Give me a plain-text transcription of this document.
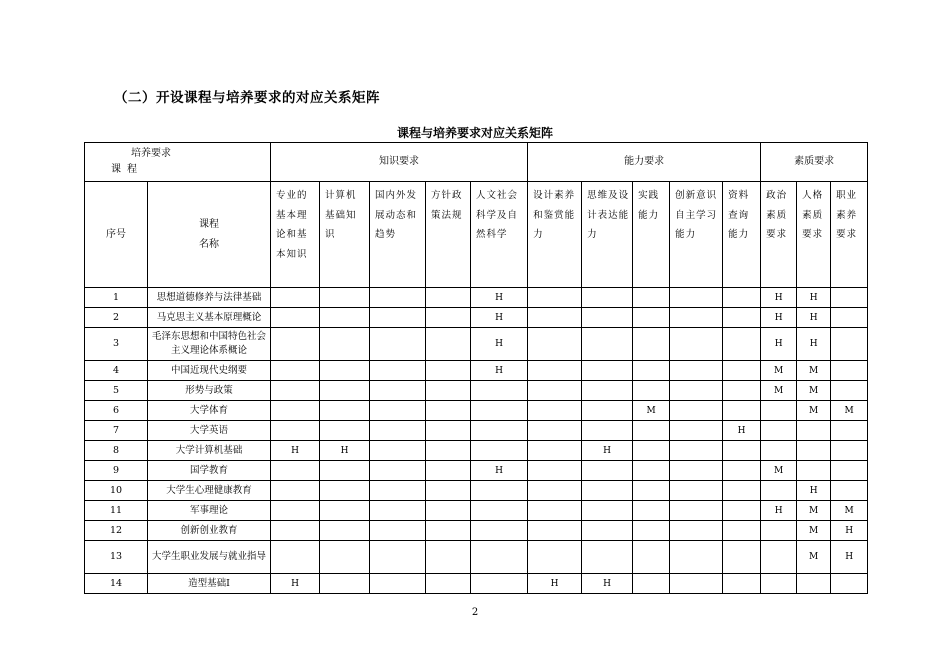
（二）开设课程与培养要求的对应关系矩阵
课程与培养要求对应关系矩阵
培养要求
课程		知识要求					能力要求					素质要求		
序号	课程名称	专业的基本理论和基本知识	计算机基础知识	国内外发展动态和趋势	方针政策法规	人文社会科学及自然科学	设计素养和鉴赏能力	思维及设计表达能力	实践能力	创新意识自主学习能力	资料查询能力	政治素质要求	人格素质要求	职业素养要求
1	思想道德修养与法律基础					H						H	H	
2	马克思主义基本原理概论					H						H	H	
3	毛泽东思想和中国特色社会主义理论体系概论					H						H	H	
4	中国近现代史纲要					H						M	M	
5	形势与政策											M	M	
6	大学体育								M				M	M
7	大学英语										H			
8	大学计算机基础	H	H					H						
9	国学教育					H						M		
10	大学生心理健康教育												H	
11	军事理论											H	M	M
12	创新创业教育												M	H
13	大学生职业发展与就业指导												M	H
14	造型基础Ⅰ	H					H	H						
2
